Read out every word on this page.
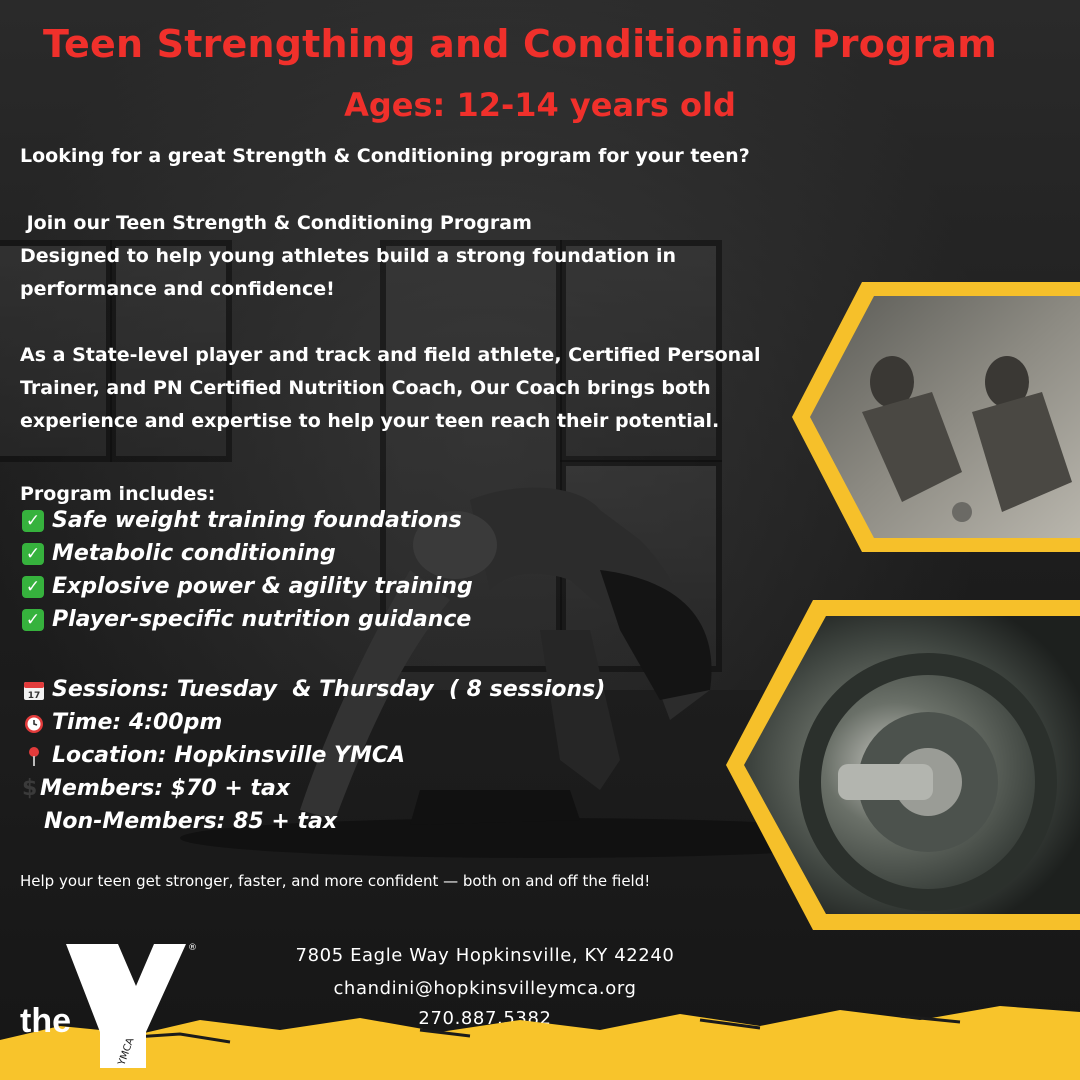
Teen Strengthing and Conditioning Program
Ages: 12-14 years old
Looking for a great Strength & Conditioning program for your teen?
Join our Teen Strength & Conditioning Program
Designed to help young athletes build a strong foundation in
performance and confidence!
As a State-level player and track and field athlete, Certified Personal
Trainer, and PN Certified Nutrition Coach, Our Coach brings both
experience and expertise to help your teen reach their potential.
Program includes:
✓ Safe weight training foundations
✓ Metabolic conditioning
✓ Explosive power & agility training
✓ Player-specific nutrition guidance
17 Sessions: Tuesday  & Thursday  ( 8 sessions)
Time: 4:00pm
Location: Hopkinsville YMCA
$ Members: $70 + tax
Non-Members: 85 + tax
Help your teen get stronger, faster, and more confident — both on and off the field!
7805 Eagle Way Hopkinsville, KY 42240
chandini@hopkinsvilleymca.org
270.887.5382
the
®
YMCA
